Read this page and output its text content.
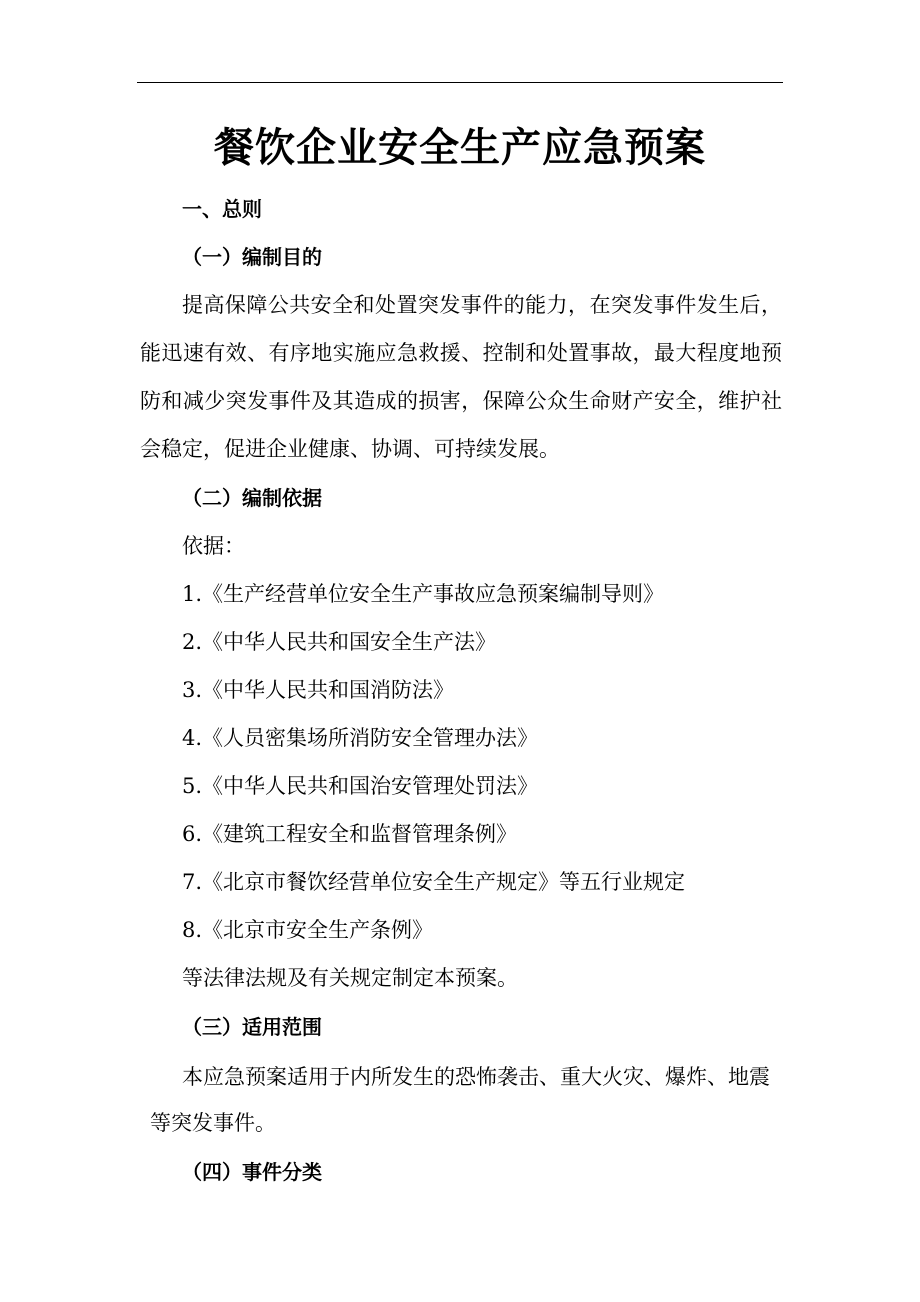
餐饮企业安全生产应急预案
一、总则
（一）编制目的
提高保障公共安全和处置突发事件的能力，在突发事件发生后，能迅速有效、有序地实施应急救援、控制和处置事故，最大程度地预防和减少突发事件及其造成的损害，保障公众生命财产安全，维护社会稳定，促进企业健康、协调、可持续发展。
（二）编制依据
依据：
1.《生产经营单位安全生产事故应急预案编制导则》
2.《中华人民共和国安全生产法》
3.《中华人民共和国消防法》
4.《人员密集场所消防安全管理办法》
5.《中华人民共和国治安管理处罚法》
6.《建筑工程安全和监督管理条例》
7.《北京市餐饮经营单位安全生产规定》等五行业规定
8.《北京市安全生产条例》
等法律法规及有关规定制定本预案。
（三）适用范围
本应急预案适用于内所发生的恐怖袭击、重大火灾、爆炸、地震
等突发事件。
（四）事件分类
